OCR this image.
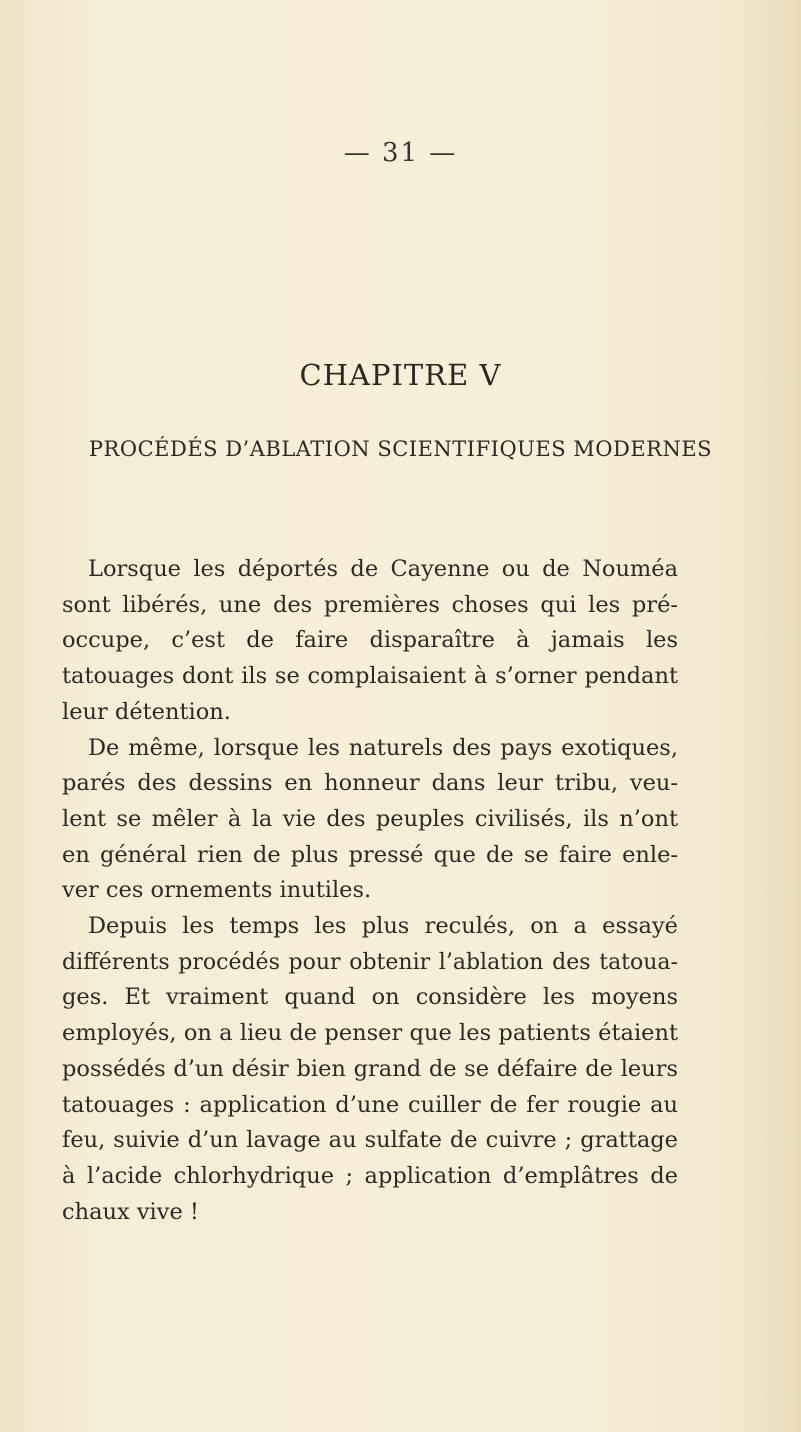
— 31 —
CHAPITRE V
PROCÉDÉS D’ABLATION SCIENTIFIQUES MODERNES

Lorsque les déportés de Cayenne ou de Nouméa
sont libérés, une des premières choses qui les pré-
occupe, c’est de faire disparaître à jamais les
tatouages dont ils se complaisaient à s’orner pendant
leur détention.

De même, lorsque les naturels des pays exotiques,
parés des dessins en honneur dans leur tribu, veu-
lent se mêler à la vie des peuples civilisés, ils n’ont
en général rien de plus pressé que de se faire enle-
ver ces ornements inutiles.

Depuis les temps les plus reculés, on a essayé
différents procédés pour obtenir l’ablation des tatoua-
ges. Et vraiment quand on considère les moyens
employés, on a lieu de penser que les patients étaient
possédés d’un désir bien grand de se défaire de leurs
tatouages : application d’une cuiller de fer rougie au
feu, suivie d’un lavage au sulfate de cuivre ; grattage
à l’acide chlorhydrique ; application d’emplâtres de
chaux vive !
